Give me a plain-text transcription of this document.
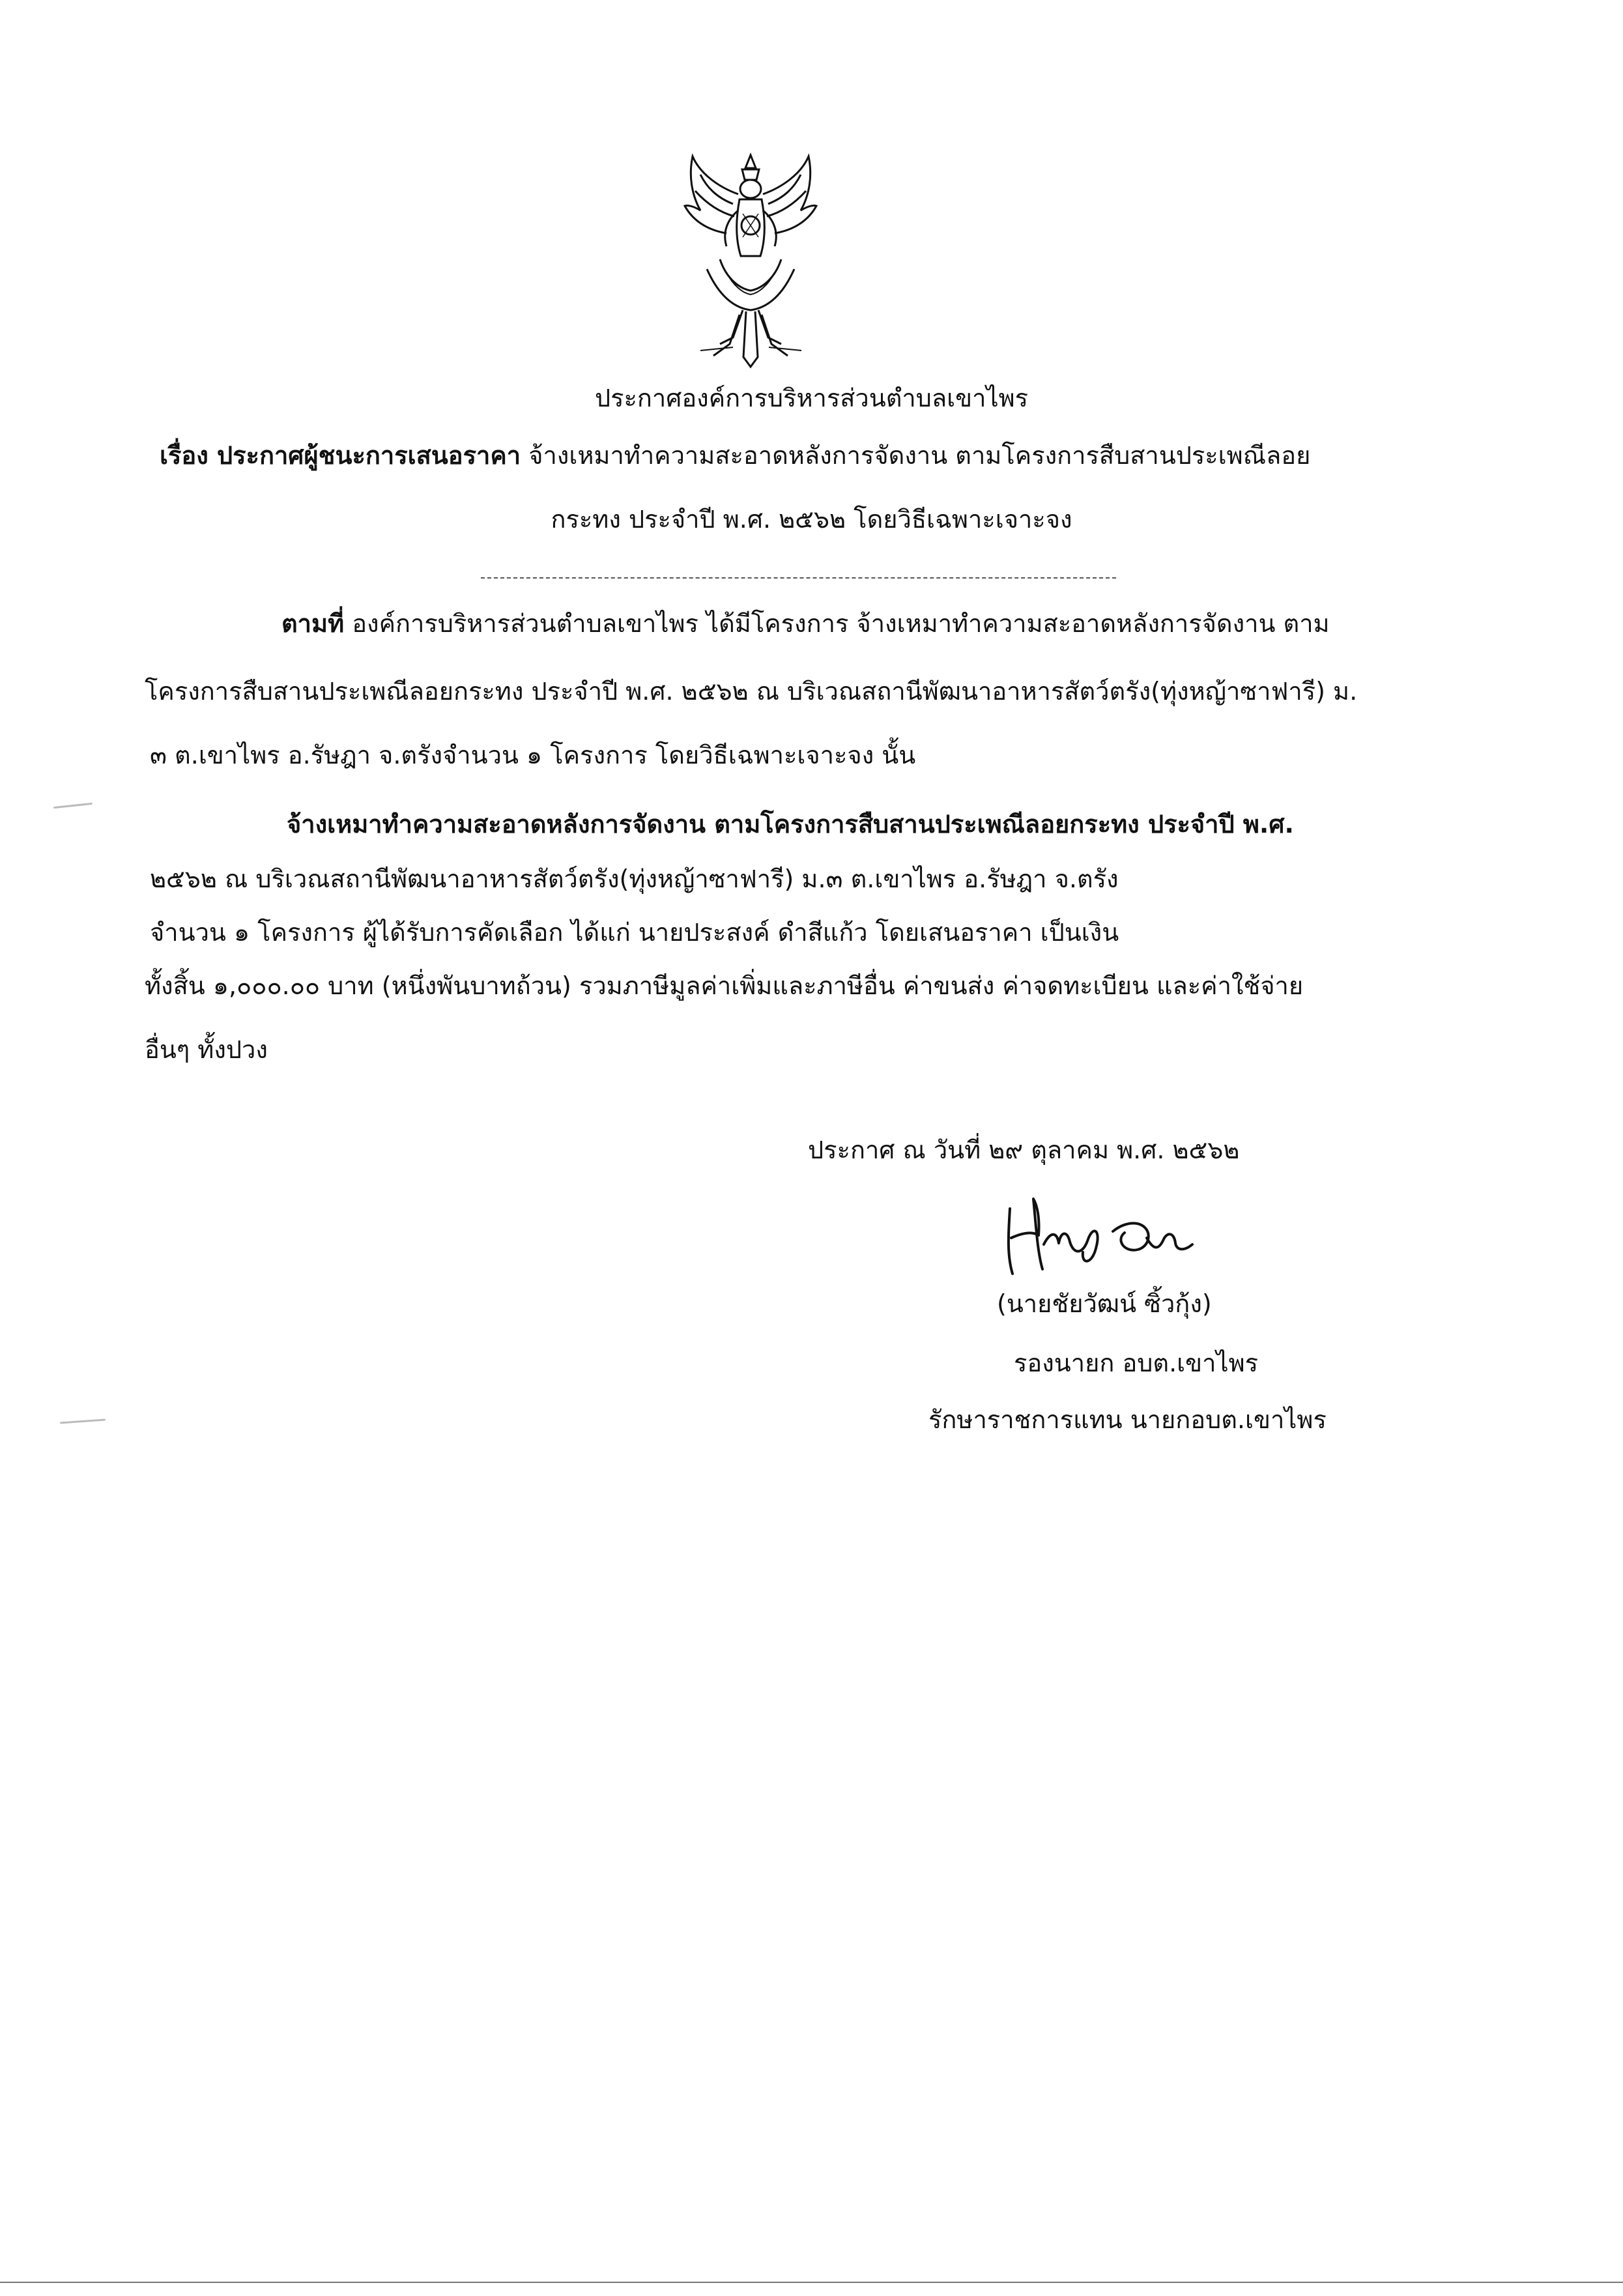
ประกาศองค์การบริหารส่วนตำบลเขาไพร
เรื่อง ประกาศผู้ชนะการเสนอราคา จ้างเหมาทำความสะอาดหลังการจัดงาน ตามโครงการสืบสานประเพณีลอย
กระทง ประจำปี พ.ศ. ๒๕๖๒ โดยวิธีเฉพาะเจาะจง
ตามที่ องค์การบริหารส่วนตำบลเขาไพร ได้มีโครงการ จ้างเหมาทำความสะอาดหลังการจัดงาน ตาม
โครงการสืบสานประเพณีลอยกระทง ประจำปี พ.ศ. ๒๕๖๒ ณ บริเวณสถานีพัฒนาอาหารสัตว์ตรัง(ทุ่งหญ้าซาฟารี) ม.
๓ ต.เขาไพร อ.รัษฎา จ.ตรังจำนวน ๑ โครงการ โดยวิธีเฉพาะเจาะจง นั้น
จ้างเหมาทำความสะอาดหลังการจัดงาน ตามโครงการสืบสานประเพณีลอยกระทง ประจำปี พ.ศ.
๒๕๖๒ ณ บริเวณสถานีพัฒนาอาหารสัตว์ตรัง(ทุ่งหญ้าซาฟารี) ม.๓ ต.เขาไพร อ.รัษฎา จ.ตรัง
จำนวน ๑ โครงการ ผู้ได้รับการคัดเลือก ได้แก่ นายประสงค์ ดำสีแก้ว โดยเสนอราคา เป็นเงิน
ทั้งสิ้น ๑,๐๐๐.๐๐ บาท (หนึ่งพันบาทถ้วน) รวมภาษีมูลค่าเพิ่มและภาษีอื่น ค่าขนส่ง ค่าจดทะเบียน และค่าใช้จ่าย
อื่นๆ ทั้งปวง
ประกาศ ณ วันที่ ๒๙ ตุลาคม พ.ศ. ๒๕๖๒
(นายชัยวัฒน์ ซิ้วกุ้ง)
รองนายก อบต.เขาไพร
รักษาราชการแทน นายกอบต.เขาไพร
